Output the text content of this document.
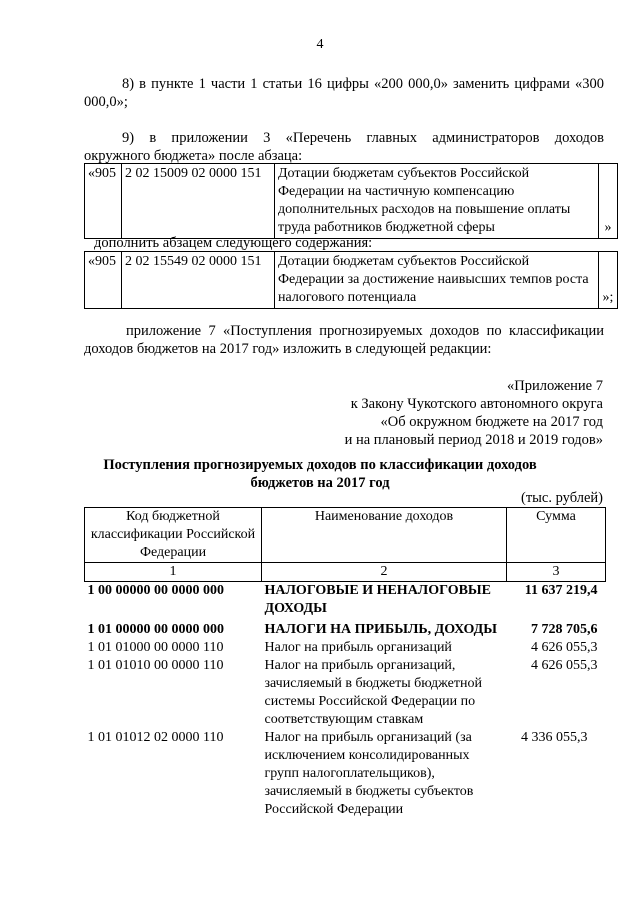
4
8) в пункте 1 части 1 статьи 16 цифры «200 000,0» заменить цифрами «300 000,0»;
9) в приложении 3 «Перечень главных администраторов доходов
окружного бюджета» после абзаца:
«905	2 02 15009 02 0000 151	Дотации бюджетам субъектов Российской Федерации на частичную компенсацию дополнительных расходов на повышение оплаты труда работников бюджетной сферы	»
дополнить абзацем следующего содержания:
«905	2 02 15549 02 0000 151	Дотации бюджетам субъектов Российской Федерации за достижение наивысших темпов роста налогового потенциала	»;
приложение 7 «Поступления прогнозируемых доходов по классификации доходов бюджетов на 2017 год» изложить в следующей редакции:
«Приложение 7
к Закону Чукотского автономного округа
«Об окружном бюджете на 2017 год
и на плановый период 2018 и 2019 годов»
Поступления прогнозируемых доходов по классификации доходов
бюджетов на 2017 год
(тыс. рублей)
Код бюджетной классификации Российской Федерации	Наименование доходов	Сумма
1	2	3
1 00 00000 00 0000 000	НАЛОГОВЫЕ И НЕНАЛОГОВЫЕ ДОХОДЫ	11 637 219,4
1 01 00000 00 0000 000	НАЛОГИ НА ПРИБЫЛЬ, ДОХОДЫ	7 728 705,6
1 01 01000 00 0000 110	Налог на прибыль организаций	4 626 055,3
1 01 01010 00 0000 110	Налог на прибыль организаций, зачисляемый в бюджеты бюджетной системы Российской Федерации по соответствующим ставкам	4 626 055,3
1 01 01012 02 0000 110	Налог на прибыль организаций (за исключением консолидированных групп налогоплательщиков), зачисляемый в бюджеты субъектов Российской Федерации	4 336 055,3
